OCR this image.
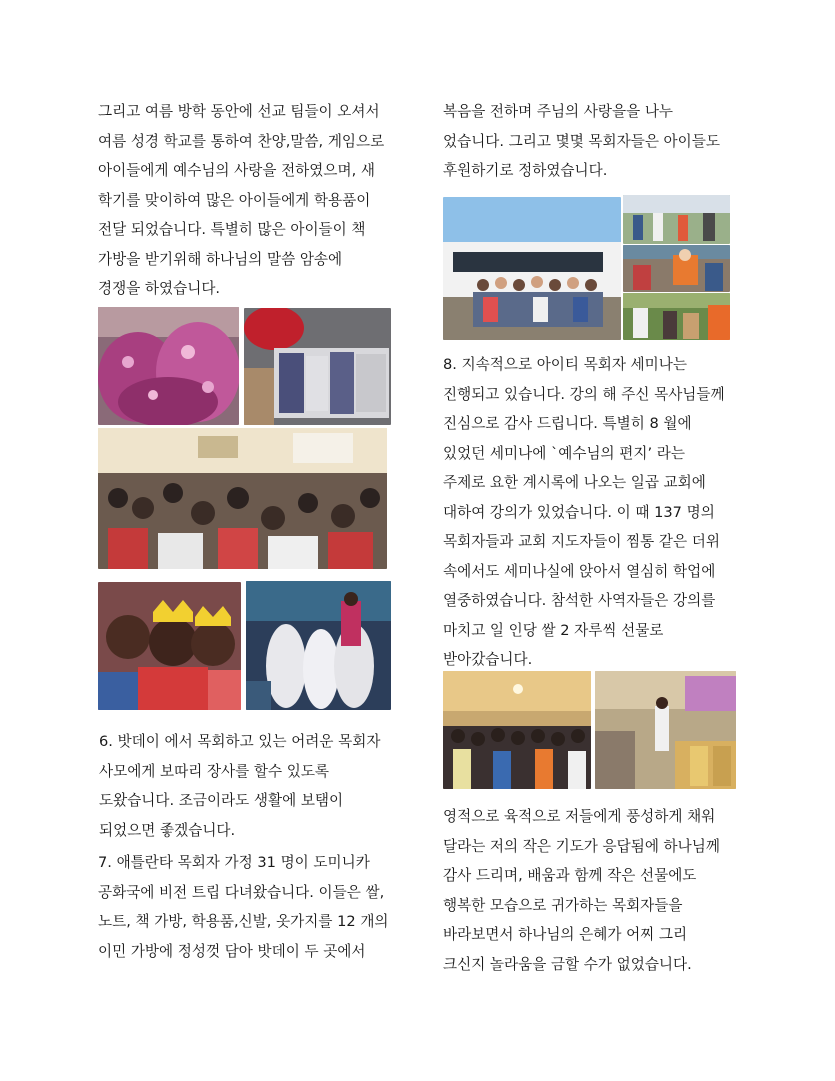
그리고 여름 방학 동안에 선교 팀들이 오셔서
여름 성경 학교를 통하여 찬양,말씀, 게임으로
아이들에게 예수님의 사랑을 전하였으며, 새
학기를 맞이하여 많은 아이들에게 학용품이
전달 되었습니다. 특별히 많은 아이들이 책
가방을 받기위해 하나님의 말씀 암송에
경쟁을 하였습니다.
6. 밧데이 에서 목회하고 있는 어려운 목회자
사모에게 보따리 장사를 할수 있도록
도왔습니다. 조금이라도 생활에 보탬이
되었으면 좋겠습니다.
7. 애틀란타 목회자 가정 31 명이 도미니카
공화국에 비전 트립 다녀왔습니다. 이들은 쌀,
노트, 책 가방, 학용품,신발, 옷가지를 12 개의
이민 가방에 정성껏 담아 밧데이 두 곳에서
복음을 전하며 주님의 사랑을을 나누
었습니다. 그리고 몇몇 목회자들은 아이들도
후원하기로 정하였습니다.
8. 지속적으로 아이티 목회자 세미나는
진행되고 있습니다. 강의 해 주신 목사님들께
진심으로 감사 드립니다. 특별히 8 월에
있었던 세미나에 `예수님의 편지’ 라는
주제로 요한 계시록에 나오는 일곱 교회에
대하여 강의가 있었습니다. 이 때 137 명의
목회자들과 교회 지도자들이 찜통 같은 더위
속에서도 세미나실에 앉아서 열심히 학업에
열중하였습니다. 참석한 사역자들은 강의를
마치고 일 인당 쌀 2 자루씩 선물로
받아갔습니다.
영적으로 육적으로 저들에게 풍성하게 채워
달라는 저의 작은 기도가 응답됨에 하나님께
감사 드리며, 배움과 함께 작은 선물에도
행복한 모습으로 귀가하는 목회자들을
바라보면서 하나님의 은혜가 어찌 그리
크신지 놀라움을 금할 수가 없었습니다.
